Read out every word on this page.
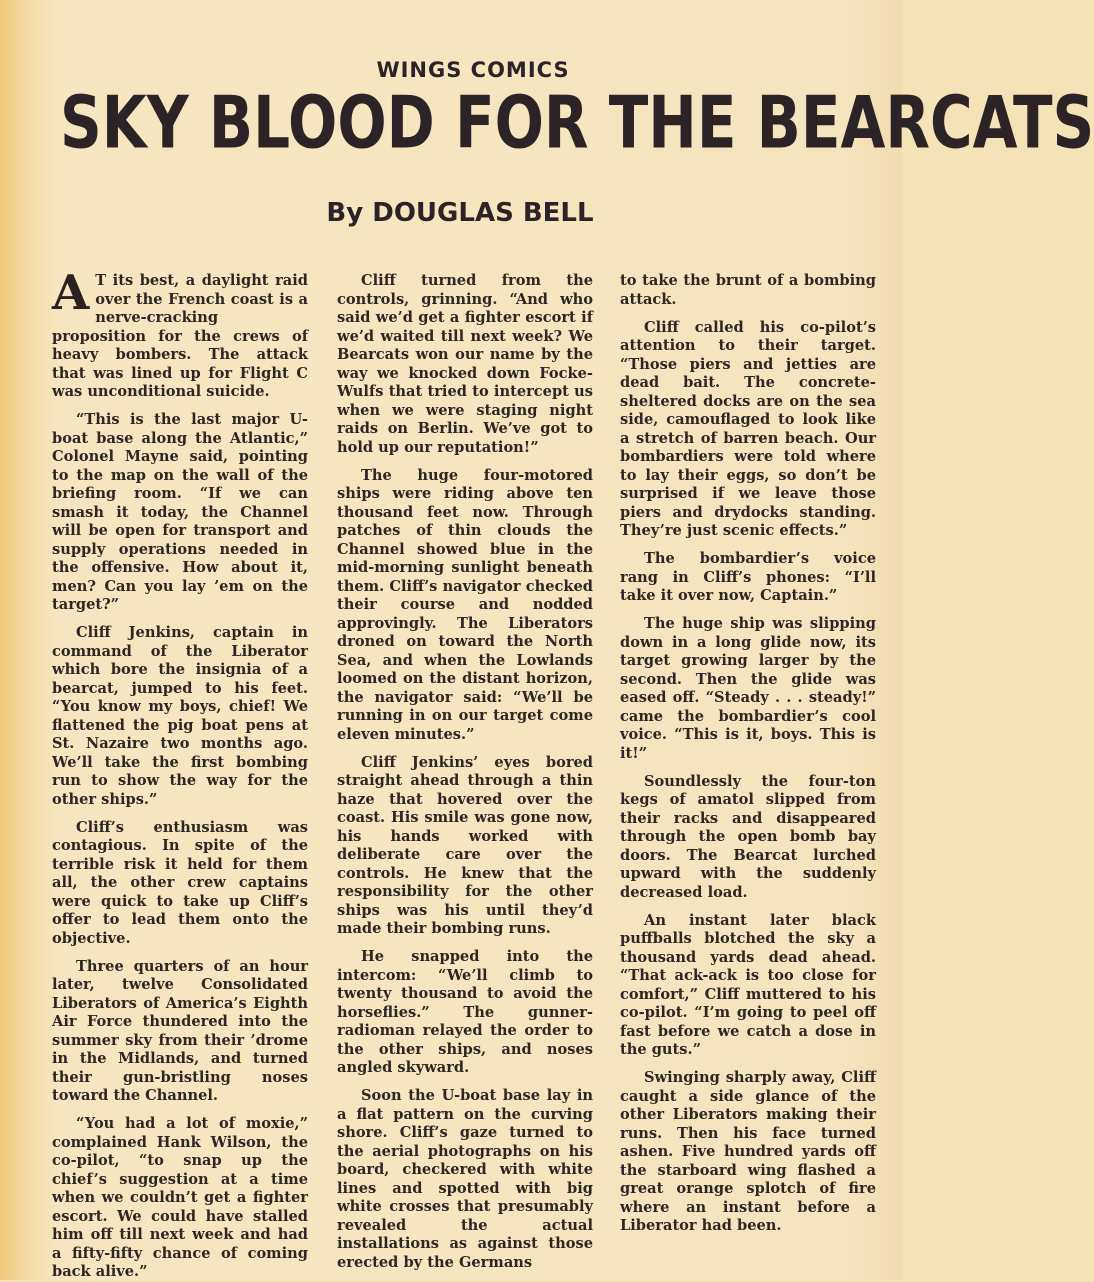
WINGS COMICS
SKY BLOOD FOR THE BEARCATS
By DOUGLAS BELL

A T its best, a daylight raid over the French coast is a nerve-cracking proposition for the crews of heavy bombers. The attack that was lined up for Flight C was unconditional suicide.

“This is the last major U-boat base along the Atlantic,” Colonel Mayne said, pointing to the map on the wall of the briefing room. “If we can smash it today, the Channel will be open for transport and supply operations needed in the offensive. How about it, men? Can you lay ’em on the target?”

Cliff Jenkins, captain in command of the Liberator which bore the insignia of a bearcat, jumped to his feet. “You know my boys, chief! We flattened the pig boat pens at St. Nazaire two months ago. We’ll take the first bombing run to show the way for the other ships.”

Cliff’s enthusiasm was contagious. In spite of the terrible risk it held for them all, the other crew captains were quick to take up Cliff’s offer to lead them onto the objective.

Three quarters of an hour later, twelve Consolidated Liberators of America’s Eighth Air Force thundered into the summer sky from their ’drome in the Midlands, and turned their gun-bristling noses toward the Channel.

“You had a lot of moxie,” complained Hank Wilson, the co-pilot, “to snap up the chief’s suggestion at a time when we couldn’t get a fighter escort. We could have stalled him off till next week and had a fifty-fifty chance of coming back alive.”

Cliff turned from the controls, grinning. “And who said we’d get a fighter escort if we’d waited till next week? We Bearcats won our name by the way we knocked down Focke-Wulfs that tried to intercept us when we were staging night raids on Berlin. We’ve got to hold up our reputation!”

The huge four-motored ships were riding above ten thousand feet now. Through patches of thin clouds the Channel showed blue in the mid-morning sunlight beneath them. Cliff’s navigator checked their course and nodded approvingly. The Liberators droned on toward the North Sea, and when the Lowlands loomed on the distant horizon, the navigator said: “We’ll be running in on our target come eleven minutes.”

Cliff Jenkins’ eyes bored straight ahead through a thin haze that hovered over the coast. His smile was gone now, his hands worked with deliberate care over the controls. He knew that the responsibility for the other ships was his until they’d made their bombing runs.

He snapped into the intercom: “We’ll climb to twenty thousand to avoid the horseflies.” The gunner-radioman relayed the order to the other ships, and noses angled skyward.

Soon the U-boat base lay in a flat pattern on the curving shore. Cliff’s gaze turned to the aerial photographs on his board, checkered with white lines and spotted with big white crosses that presumably revealed the actual installations as against those erected by the Germans

to take the brunt of a bombing attack.

Cliff called his co-pilot’s attention to their target. “Those piers and jetties are dead bait. The concrete-sheltered docks are on the sea side, camouflaged to look like a stretch of barren beach. Our bombardiers were told where to lay their eggs, so don’t be surprised if we leave those piers and drydocks standing. They’re just scenic effects.”

The bombardier’s voice rang in Cliff’s phones: “I’ll take it over now, Captain.”

The huge ship was slipping down in a long glide now, its target growing larger by the second. Then the glide was eased off. “Steady . . . steady!” came the bombardier’s cool voice. “This is it, boys. This is it!”

Soundlessly the four-ton kegs of amatol slipped from their racks and disappeared through the open bomb bay doors. The Bearcat lurched upward with the suddenly decreased load.

An instant later black puffballs blotched the sky a thousand yards dead ahead. “That ack-ack is too close for comfort,” Cliff muttered to his co-pilot. “I’m going to peel off fast before we catch a dose in the guts.”

Swinging sharply away, Cliff caught a side glance of the other Liberators making their runs. Then his face turned ashen. Five hundred yards off the starboard wing flashed a great orange splotch of fire where an instant before a Liberator had been.
